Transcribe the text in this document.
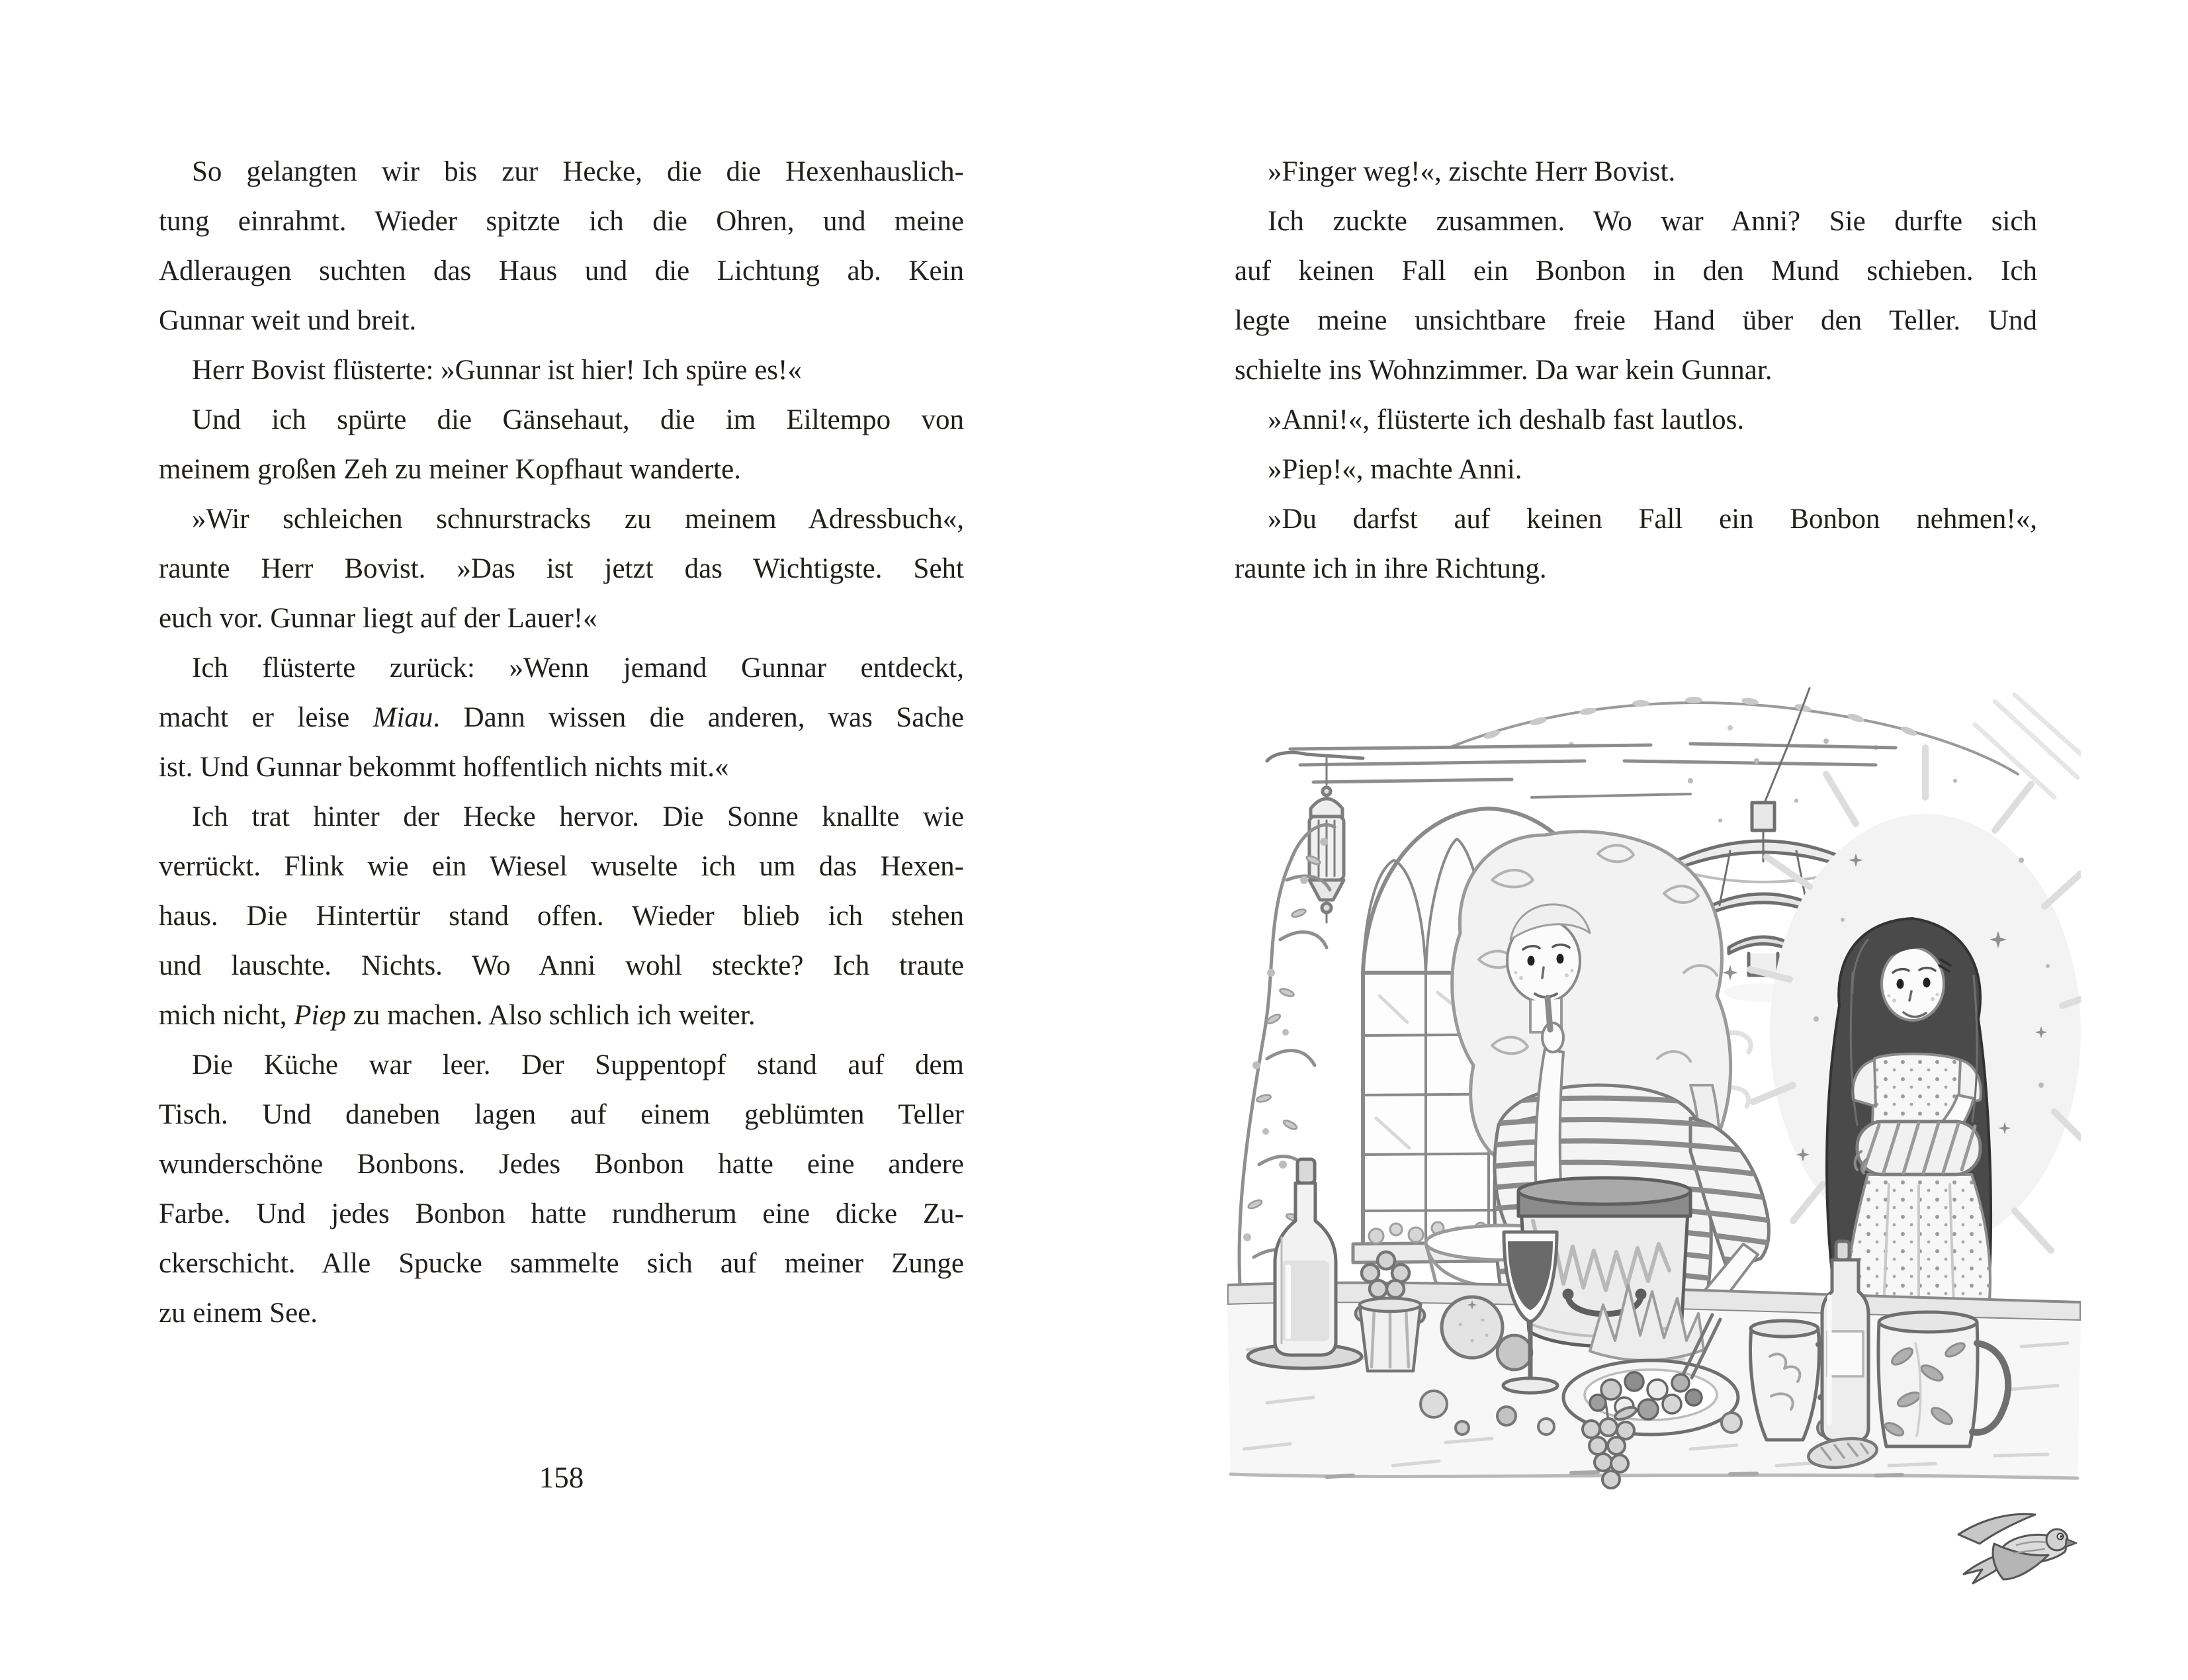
So gelangten wir bis zur Hecke, die die Hexenhauslich-
tung einrahmt. Wieder spitzte ich die Ohren, und meine
Adleraugen suchten das Haus und die Lichtung ab. Kein
Gunnar weit und breit.
Herr Bovist flüsterte: »Gunnar ist hier! Ich spüre es!«
Und ich spürte die Gänsehaut, die im Eiltempo von
meinem großen Zeh zu meiner Kopfhaut wanderte.
»Wir schleichen schnurstracks zu meinem Adressbuch«,
raunte Herr Bovist. »Das ist jetzt das Wichtigste. Seht
euch vor. Gunnar liegt auf der Lauer!«
Ich flüsterte zurück: »Wenn jemand Gunnar entdeckt,
macht er leise Miau. Dann wissen die anderen, was Sache
ist. Und Gunnar bekommt hoffentlich nichts mit.«
Ich trat hinter der Hecke hervor. Die Sonne knallte wie
verrückt. Flink wie ein Wiesel wuselte ich um das Hexen-
haus. Die Hintertür stand offen. Wieder blieb ich stehen
und lauschte. Nichts. Wo Anni wohl steckte? Ich traute
mich nicht, Piep zu machen. Also schlich ich weiter.
Die Küche war leer. Der Suppentopf stand auf dem
Tisch. Und daneben lagen auf einem geblümten Teller
wunderschöne Bonbons. Jedes Bonbon hatte eine andere
Farbe. Und jedes Bonbon hatte rundherum eine dicke Zu-
ckerschicht. Alle Spucke sammelte sich auf meiner Zunge
zu einem See.
158
»Finger weg!«, zischte Herr Bovist.
Ich zuckte zusammen. Wo war Anni? Sie durfte sich
auf keinen Fall ein Bonbon in den Mund schieben. Ich
legte meine unsichtbare freie Hand über den Teller. Und
schielte ins Wohnzimmer. Da war kein Gunnar.
»Anni!«, flüsterte ich deshalb fast lautlos.
»Piep!«, machte Anni.
»Du darfst auf keinen Fall ein Bonbon nehmen!«,
raunte ich in ihre Richtung.
